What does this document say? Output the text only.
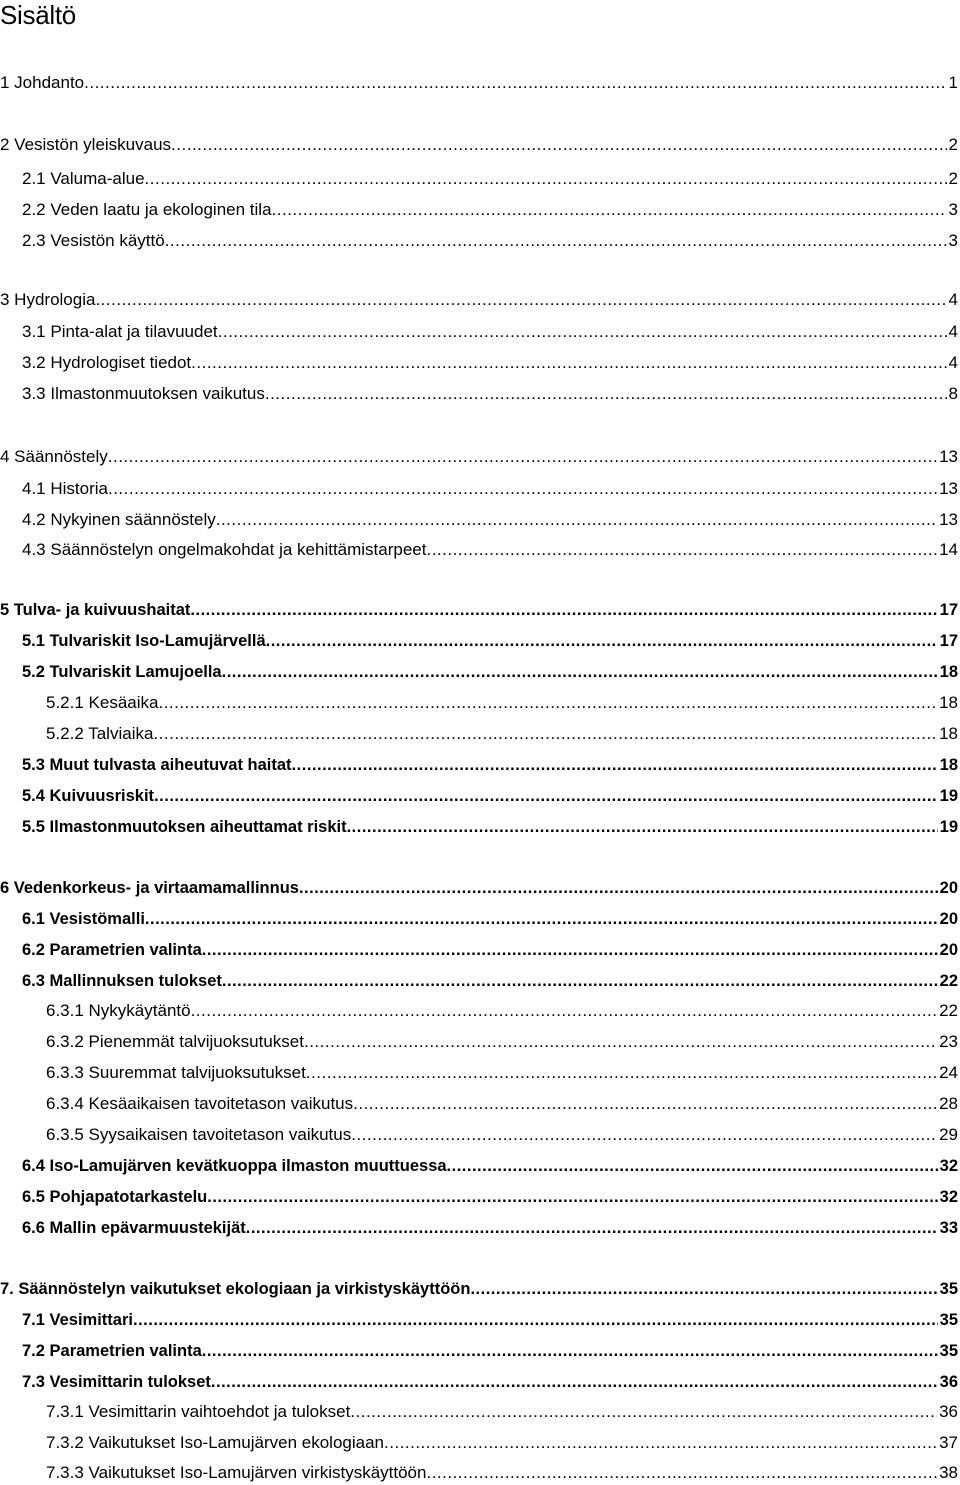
Sisältö
1 Johdanto .....	1
2 Vesistön yleiskuvaus .....	2
2.1 Valuma-alue .....	2
2.2 Veden laatu ja ekologinen tila .....	3
2.3 Vesistön käyttö .....	3
3 Hydrologia .....	4
3.1 Pinta-alat ja tilavuudet .....	4
3.2 Hydrologiset tiedot .....	4
3.3 Ilmastonmuutoksen vaikutus .....	8
4 Säännöstely .....	13
4.1 Historia .....	13
4.2 Nykyinen säännöstely .....	13
4.3 Säännöstelyn ongelmakohdat ja kehittämistarpeet .....	14
5 Tulva- ja kuivuushaitat .....	17
5.1 Tulvariskit Iso-Lamujärvellä .....	17
5.2 Tulvariskit Lamujoella .....	18
5.2.1 Kesäaika .....	18
5.2.2 Talviaika .....	18
5.3 Muut tulvasta aiheutuvat haitat .....	18
5.4 Kuivuusriskit .....	19
5.5 Ilmastonmuutoksen aiheuttamat riskit .....	19
6 Vedenkorkeus- ja virtaamamallinnus .....	20
6.1 Vesistömalli .....	20
6.2 Parametrien valinta .....	20
6.3 Mallinnuksen tulokset .....	22
6.3.1 Nykykäytäntö .....	22
6.3.2 Pienemmät talvijuoksutukset .....	23
6.3.3 Suuremmat talvijuoksutukset .....	24
6.3.4 Kesäaikaisen tavoitetason vaikutus .....	28
6.3.5 Syysaikaisen tavoitetason vaikutus .....	29
6.4 Iso-Lamujärven kevätkuoppa ilmaston muuttuessa .....	32
6.5 Pohjapatotarkastelu .....	32
6.6 Mallin epävarmuustekijät .....	33
7. Säännöstelyn vaikutukset ekologiaan ja virkistyskäyttöön .....	35
7.1 Vesimittari .....	35
7.2 Parametrien valinta .....	35
7.3 Vesimittarin tulokset .....	36
7.3.1 Vesimittarin vaihtoehdot ja tulokset .....	36
7.3.2 Vaikutukset Iso-Lamujärven ekologiaan .....	37
7.3.3 Vaikutukset Iso-Lamujärven virkistyskäyttöön .....	38
